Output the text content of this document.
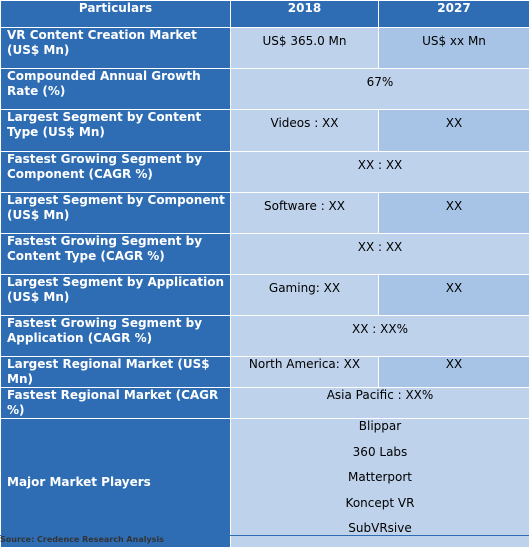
Particulars	2018	2027

VR Content Creation Market (US$ Mn)	US$ 365.0 Mn	US$ xx Mn

Compounded Annual Growth Rate (%)	67%	

Largest Segment by Content Type (US$ Mn)	Videos : XX	XX

Fastest Growing Segment by Component (CAGR %)	XX : XX	

Largest Segment by Component (US$ Mn)	Software : XX	XX

Fastest Growing Segment by Content Type (CAGR %)	XX : XX	

Largest Segment by Application (US$ Mn)	Gaming: XX	XX

Fastest Growing Segment by Application (CAGR %)	XX : XX%	

Largest Regional Market (US$ Mn)	North America: XX	XX

Fastest Regional Market (CAGR %)	Asia Pacific : XX%	

Major Market Players	Blippar
360 Labs
Matterport
Koncept VR
SubVRsive	
Source: Credence Research Analysis
